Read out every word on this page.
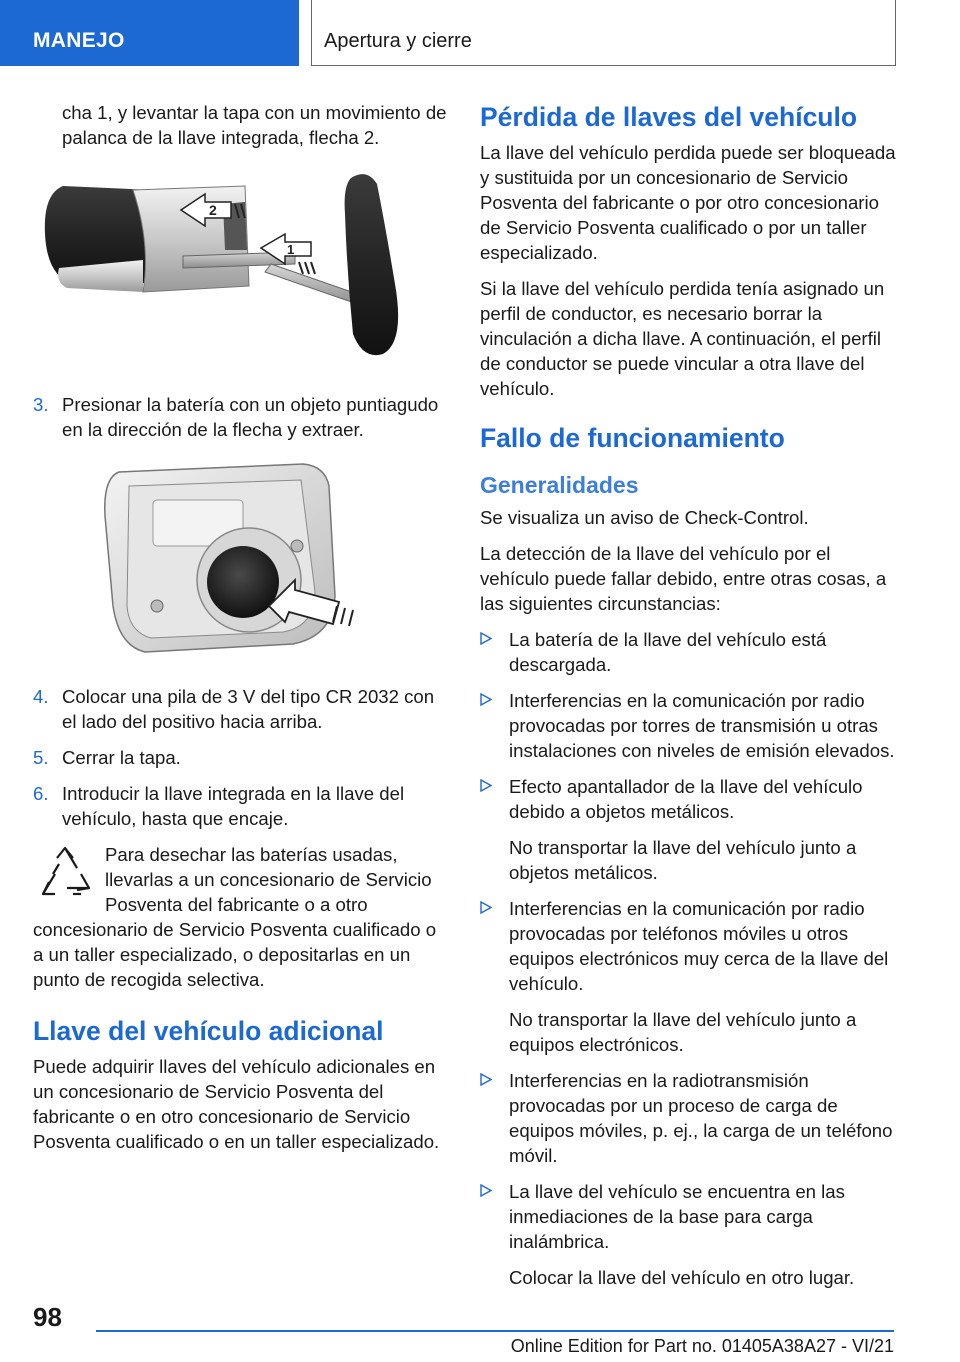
MANEJO	Apertura y cierre

cha 1, y levantar la tapa con un movimiento de palanca de la llave integrada, flecha 2.

2
1
3. Presionar la batería con un objeto puntiagudo en la dirección de la flecha y extraer.
4. Colocar una pila de 3 V del tipo CR 2032 con el lado del positivo hacia arriba.
5. Cerrar la tapa.
6. Introducir la llave integrada en la llave del vehículo, hasta que encaje.
Para desechar las baterías usadas, llevarlas a un concesionario de Servicio Posventa del fabricante o a otro concesionario de Servicio Posventa cualificado o a un taller especializado, o depositarlas en un punto de recogida selectiva.
Llave del vehículo adicional

Puede adquirir llaves del vehículo adicionales en un concesionario de Servicio Posventa del fabricante o en otro concesionario de Servicio Posventa cualificado o en un taller especializado.

Pérdida de llaves del vehículo

La llave del vehículo perdida puede ser bloqueada y sustituida por un concesionario de Servicio Posventa del fabricante o por otro concesionario de Servicio Posventa cualificado o por un taller especializado.

Si la llave del vehículo perdida tenía asignado un perfil de conductor, es necesario borrar la vinculación a dicha llave. A continuación, el perfil de conductor se puede vincular a otra llave del vehículo.

Fallo de funcionamiento
Generalidades

Se visualiza un aviso de Check-Control.

La detección de la llave del vehículo por el vehículo puede fallar debido, entre otras cosas, a las siguientes circunstancias:

La batería de la llave del vehículo está descargada.
Interferencias en la comunicación por radio provocadas por torres de transmisión u otras instalaciones con niveles de emisión elevados.
Efecto apantallador de la llave del vehículo debido a objetos metálicos.
No transportar la llave del vehículo junto a objetos metálicos.
Interferencias en la comunicación por radio provocadas por teléfonos móviles u otros equipos electrónicos muy cerca de la llave del vehículo.
No transportar la llave del vehículo junto a equipos electrónicos.
Interferencias en la radiotransmisión provocadas por un proceso de carga de equipos móviles, p. ej., la carga de un teléfono móvil.
La llave del vehículo se encuentra en las inmediaciones de la base para carga inalámbrica.
Colocar la llave del vehículo en otro lugar.
98
Online Edition for Part no. 01405A38A27 - VI/21
